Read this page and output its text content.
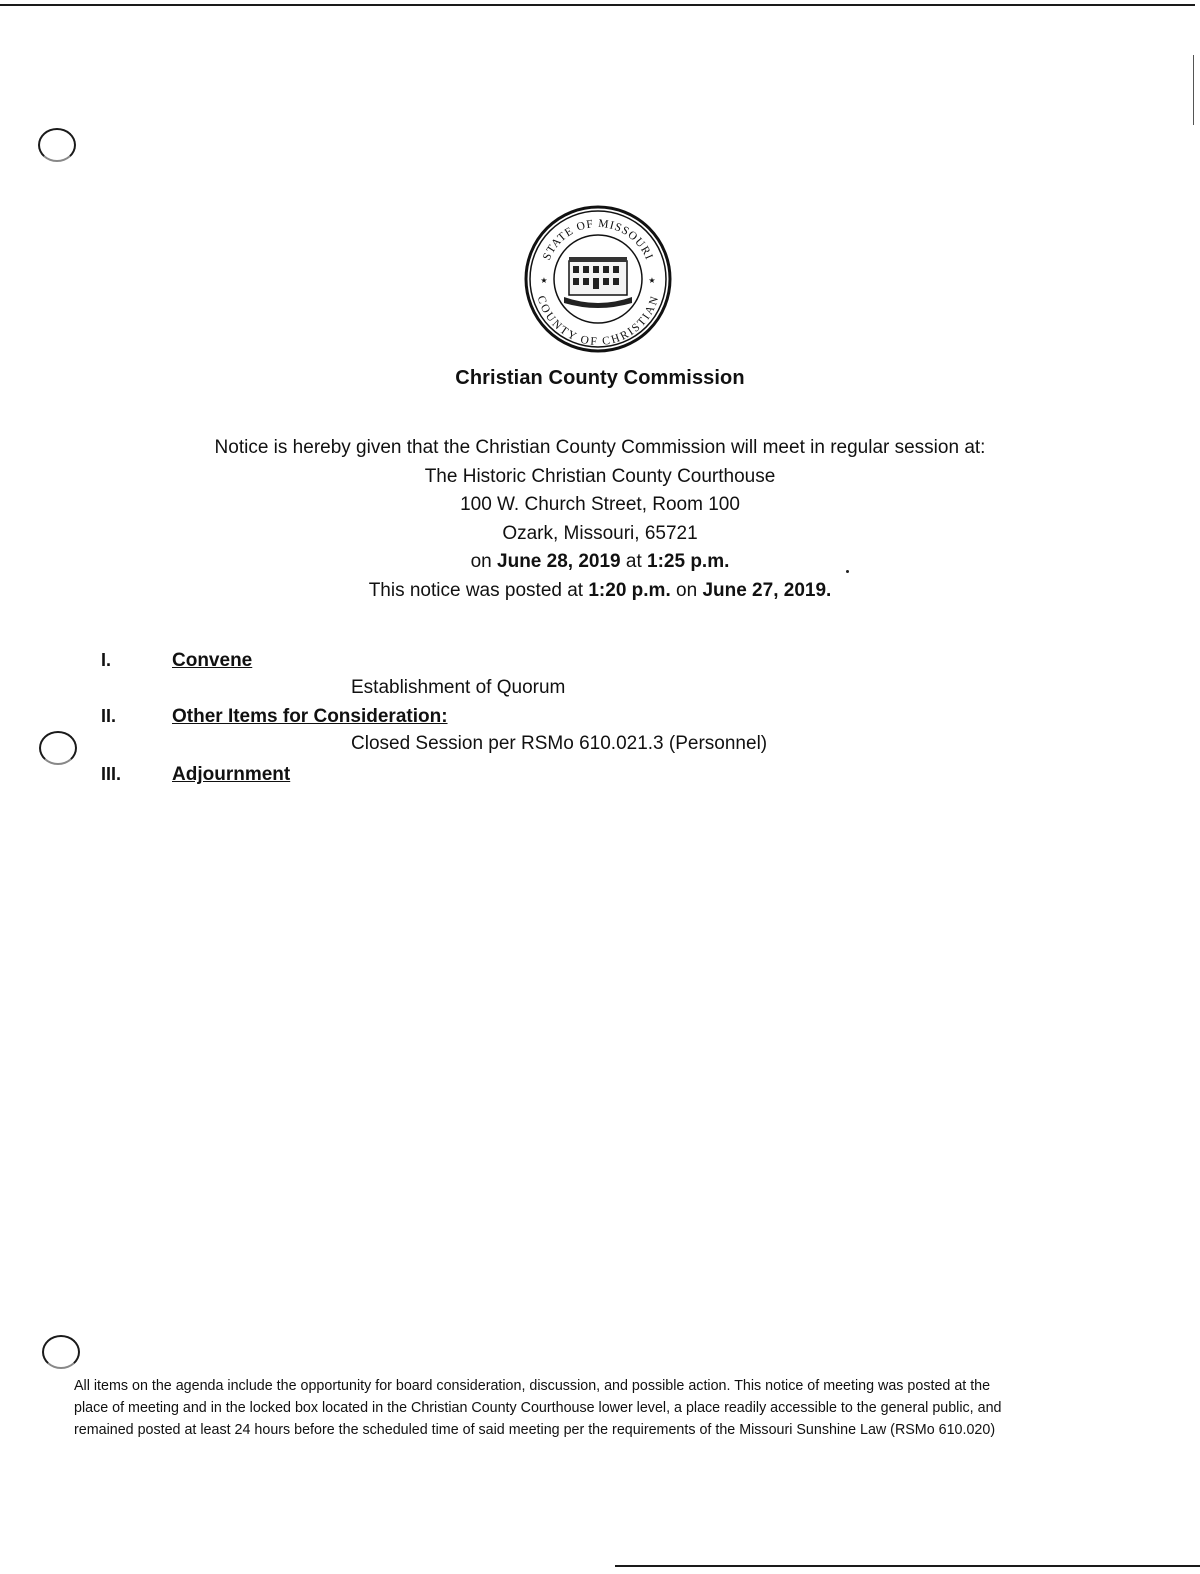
STATE OF MISSOURI
COUNTY OF CHRISTIAN
★	★
Christian County Commission
Notice is hereby given that the Christian County Commission will meet in regular session at:
The Historic Christian County Courthouse
100 W. Church Street, Room 100
Ozark, Missouri, 65721
on June 28, 2019 at 1:25 p.m.
This notice was posted at 1:20 p.m. on June 27, 2019.
I.	Convene
Establishment of Quorum
II.	Other Items for Consideration:
Closed Session per RSMo 610.021.3 (Personnel)
III.	Adjournment
All items on the agenda include the opportunity for board consideration, discussion, and possible action. This notice of meeting was posted at the
place of meeting and in the locked box located in the Christian County Courthouse lower level, a place readily accessible to the general public, and
remained posted at least 24 hours before the scheduled time of said meeting per the requirements of the Missouri Sunshine Law (RSMo 610.020)
